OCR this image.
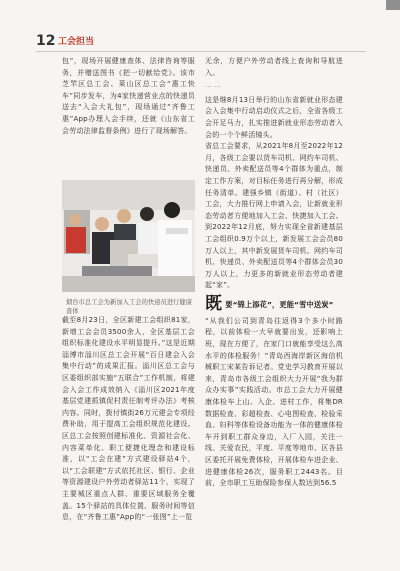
12 工会担当

包”，现场开展健康查体、法律咨询等服务，并赠送图书《把一切献给党》。该市芝罘区总工会、莱山区总工会“惠工快车”同步发车，为4家快递营业点的快递员送去“入会大礼包”，现场通过“齐鲁工惠”App办理入会手续，还就《山东省工会劳动法律监督条例》进行了现场解答。

烟台市总工会为新加入工会的快递员进行健康查体

截至8月23日，全区新建工会组织81家，新增工会会员3500余人，全区基层工会组织标准化建设水平明显提升。”这是近期淄博市淄川区总工会开展“百日建会入会集中行动”的成果汇报。淄川区总工会与区委组织部实施“五联合”工作机制，将建会入会工作成效纳入《淄川区2021年度基层党建抓镇促村责任制考评办法》考核内容。同时，拨付镇街26万元建会专项经费补助，用于提高工会组织规范化建设。区总工会按照创建标准化、资源社会化、内容菜单化、职工便捷化理念和建设标准，以“工会在建”方式建设驿站4个，以“工会联建”方式依托社区、银行、企业等资源建设户外劳动者驿站11个，实现了主要城区重点人群、重要区域服务全覆盖。15个驿站的具体位置、服务时间等信息，在“齐鲁工惠”App的“一张图”上一览

无余，方便户外劳动者线上查询和导航进入。

……

这是继8月13日举行的山东省新就业形态建会入会集中行动启动仪式之后，全省各级工会开足马力，扎实推进新就业形态劳动者入会的一个个鲜活镜头。

省总工会要求，从2021年8月至2022年12月，各级工会要以货车司机、网约车司机、快递员、外卖配送员等4个群体为重点，制定工作方案，对目标任务进行再分解，形成任务清单。建强乡镇（街道）、村（社区）工会，大力推行网上申请入会，让新就业形态劳动者方便地加入工会、快捷加入工会。到2022年12月底，努力实现全省新建基层工会组织0.9万个以上，新发展工会会员80万人以上，其中新发展货车司机、网约车司机、快递员、外卖配送员等4个群体会员30万人以上，力更多的新就业形态劳动者建起“家”。

既 要“锦上添花”，更能“雪中送炭”

“从我们公司到青岛往返得3个多小时路程，以前体检一大早就要出发，还影响上班，现在方便了，在家门口就能享受这么高水平的体检服务！”青岛西海岸新区海信机械职工宋某告诉记者。党史学习教育开展以来，青岛市各级工会组织大力开展“我为群众办实事”实践活动。市总工会大力开展健康体检车上山、入企、进村工作，将集DR数据检查、彩超检查、心电图检查、检验采血、妇科等体检设备功能为一体的健康体检车开到职工群众身边，入厂入园，关注一线、关爱农民，平度、平度等地市、区各县区委托开展免费体检，开展体检车进企业、进健康体检26次，服务职工2443名。目前，全市职工互助保险参保人数达到56.5
